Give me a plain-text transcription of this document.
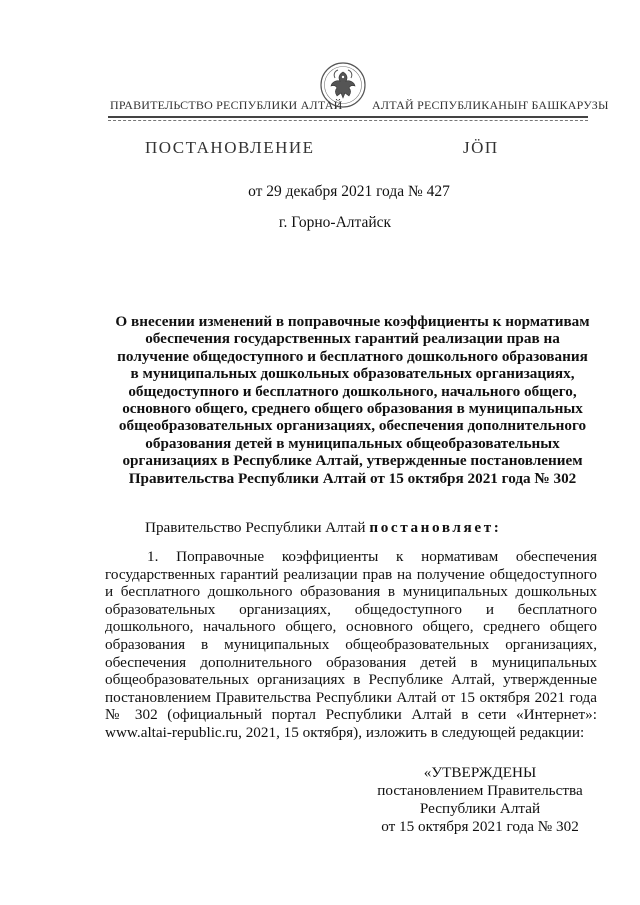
ПРАВИТЕЛЬСТВО РЕСПУБЛИКИ АЛТАЙ АЛТАЙ РЕСПУБЛИКАНЫҤ БАШКАРУЗЫ
ПОСТАНОВЛЕНИЕ	ЈӦП
от 29 декабря 2021 года № 427
г. Горно-Алтайск
О внесении изменений в поправочные коэффициенты к нормативам
обеспечения государственных гарантий реализации прав на
получение общедоступного и бесплатного дошкольного образования
в муниципальных дошкольных образовательных организациях,
общедоступного и бесплатного дошкольного, начального общего,
основного общего, среднего общего образования в муниципальных
общеобразовательных организациях, обеспечения дополнительного
образования детей в муниципальных общеобразовательных
организациях в Республике Алтай, утвержденные постановлением
Правительства Республики Алтай от 15 октября 2021 года № 302
Правительство Республики Алтай постановляет:
1. Поправочные коэффициенты к нормативам обеспечения государственных гарантий реализации прав на получение общедоступного и бесплатного дошкольного образования в муниципальных дошкольных образовательных организациях, общедоступного и бесплатного дошкольного, начального общего, основного общего, среднего общего образования в муниципальных общеобразовательных организациях, обеспечения дополнительного образования детей в муниципальных общеобразовательных организациях в Республике Алтай, утвержденные постановлением Правительства Республики Алтай от 15 октября 2021 года № 302 (официальный портал Республики Алтай в сети «Интернет»: www.altai-republic.ru, 2021, 15 октября), изложить в следующей редакции:
«УТВЕРЖДЕНЫ
постановлением Правительства
Республики Алтай
от 15 октября 2021 года № 302
